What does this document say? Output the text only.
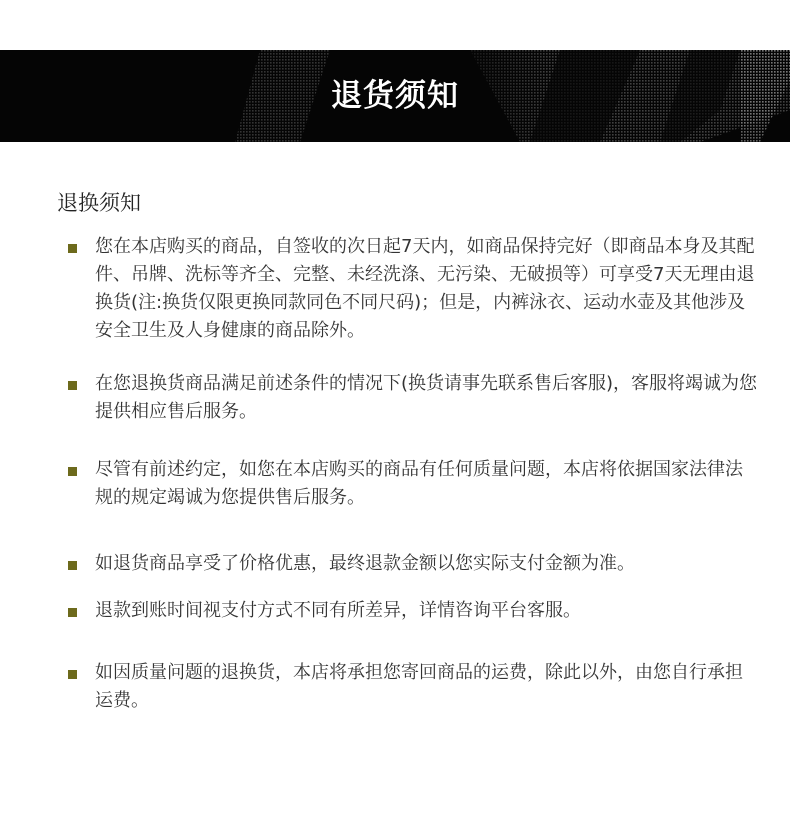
退货须知
退换须知
您在本店购买的商品，自签收的次日起7天内，如商品保持完好（即商品本身及其配件、吊牌、洗标等齐全、完整、未经洗涤、无污染、无破损等）可享受7天无理由退换货(注:换货仅限更换同款同色不同尺码)；但是，内裤泳衣、运动水壶及其他涉及安全卫生及人身健康的商品除外。
在您退换货商品满足前述条件的情况下(换货请事先联系售后客服)，客服将竭诚为您提供相应售后服务。
尽管有前述约定，如您在本店购买的商品有任何质量问题，本店将依据国家法律法规的规定竭诚为您提供售后服务。
如退货商品享受了价格优惠，最终退款金额以您实际支付金额为准。
退款到账时间视支付方式不同有所差异，详情咨询平台客服。
如因质量问题的退换货，本店将承担您寄回商品的运费，除此以外，由您自行承担运费。
